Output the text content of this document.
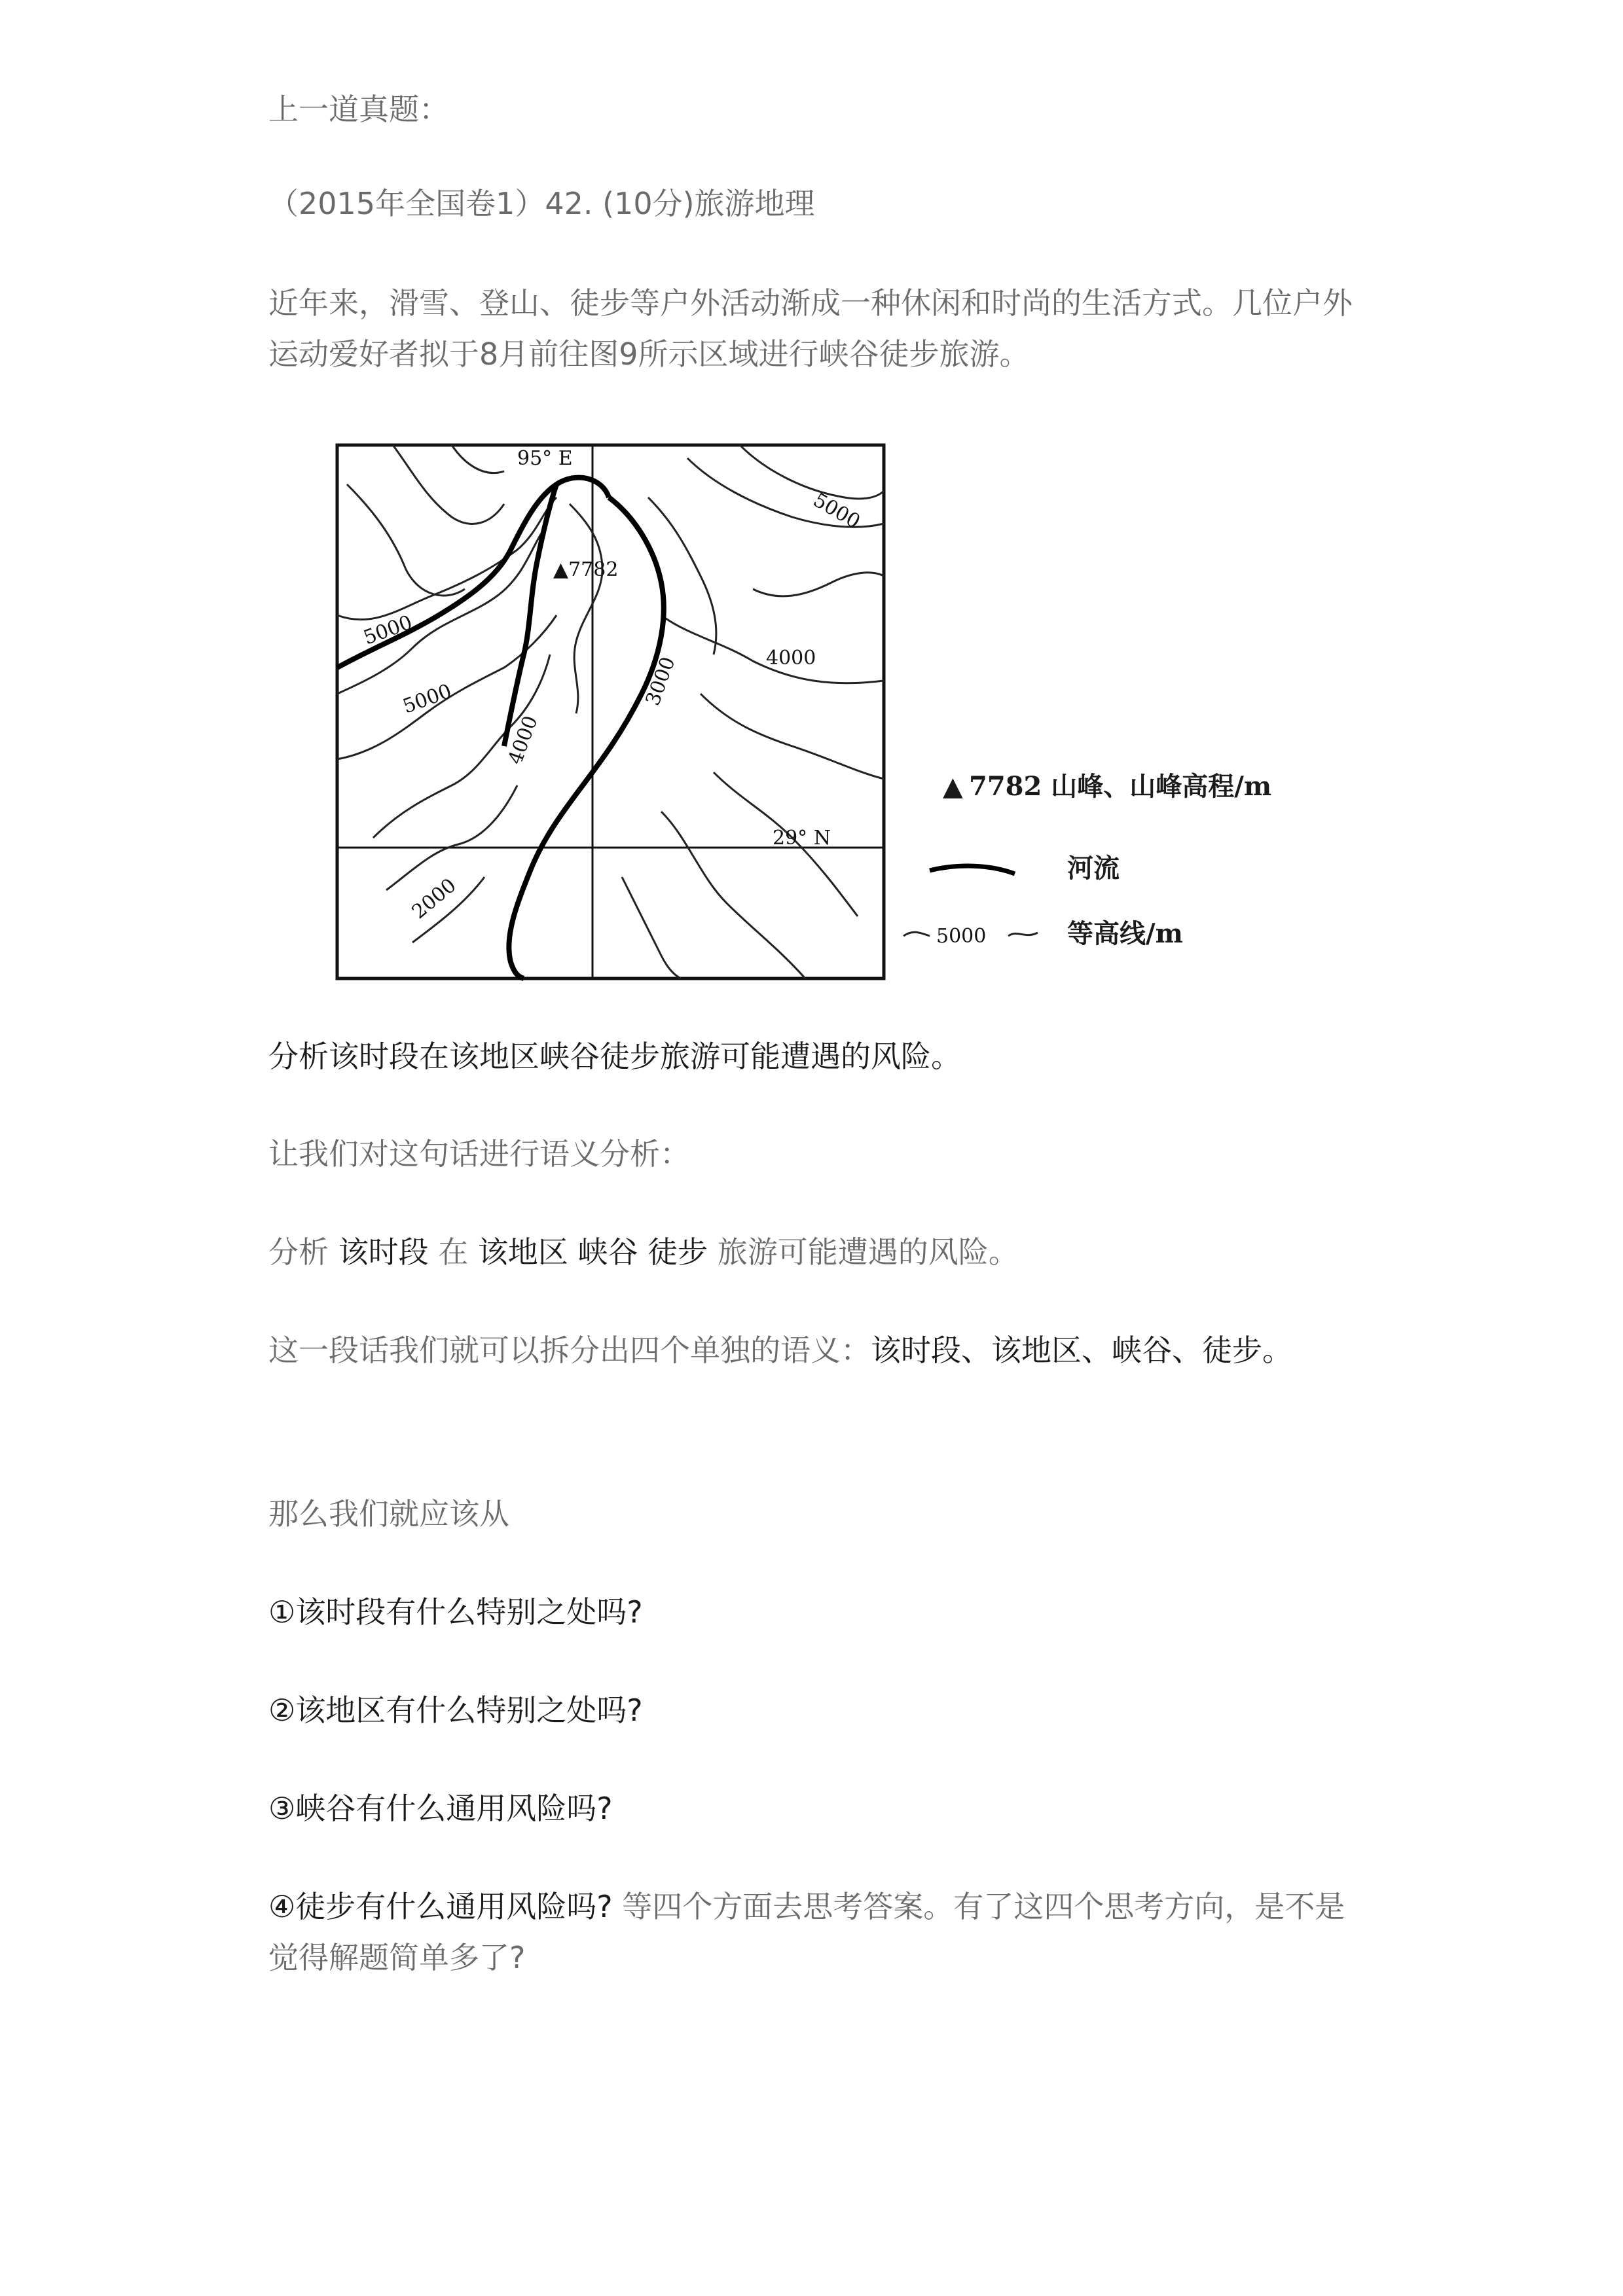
上一道真题：

（2015年全国卷1）42. (10分)旅游地理

近年来，滑雪、登山、徒步等户外活动渐成一种休闲和时尚的生活方式。几位户外运动爱好者拟于8月前往图9所示区域进行峡谷徒步旅游。

95° E
▲7782
29° N
5000
5000
5000
4000
4000
3000
2000
▲ 7782 山峰、山峰高程/m
河流
5000	等高线/m

分析该时段在该地区峡谷徒步旅游可能遭遇的风险。

让我们对这句话进行语义分析：

分析 该时段 在 该地区 峡谷 徒步 旅游可能遭遇的风险。

这一段话我们就可以拆分出四个单独的语义：该时段、该地区、峡谷、徒步。

那么我们就应该从

①该时段有什么特别之处吗?

②该地区有什么特别之处吗?

③峡谷有什么通用风险吗?

④徒步有什么通用风险吗? 等四个方面去思考答案。有了这四个思考方向，是不是觉得解题简单多了?
